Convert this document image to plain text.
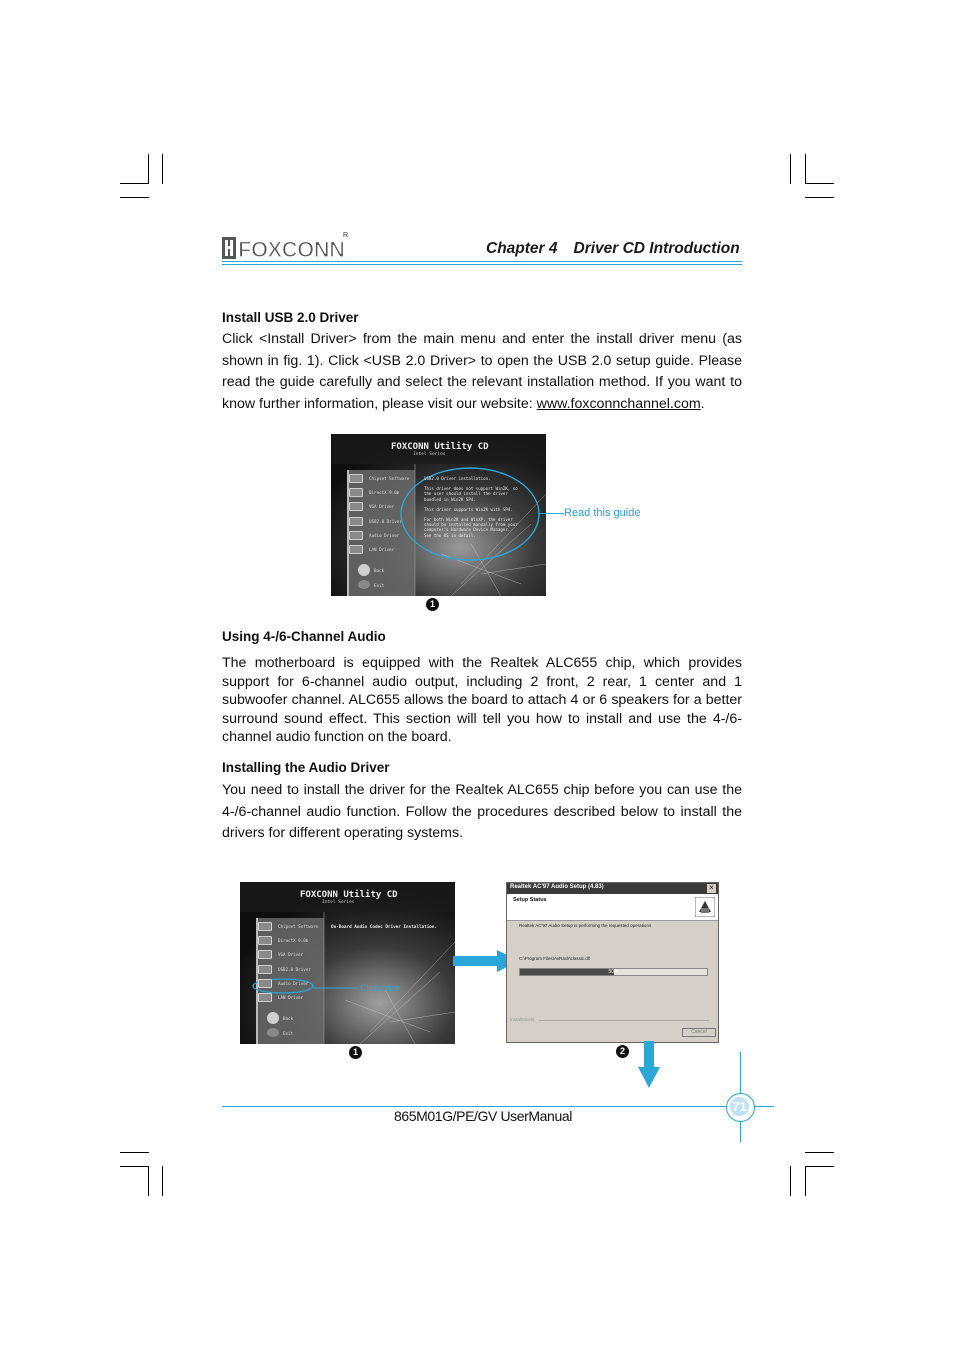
FOXCONN
R
Chapter 4 Driver CD Introduction
Install USB 2.0 Driver
Click <Install Driver> from the main menu and enter the install driver menu (as shown in fig. 1). Click <USB 2.0 Driver> to open the USB 2.0 setup guide. Please read the guide carefully and select the relevant installation method. If you want to know further information, please visit our website: www.foxconnchannel.com.
FOXCONN Utility CD
Intel Series
Chipset Software
DirectX 9.0b
VGA Driver
USB2.0 Driver
Audio Driver
LAN Driver
Back
Exit
USB2.0 Driver installation.
This driver does not support Win2K, so
the user should install the driver
bundled in Win2K SP4.
This driver supports Win2K with SP4.
For both Win2K and WinXP, the driver
should be installed manually from your
computer's Hardware Device Manager.
See the OS in detail.
Read this guide
1
Using 4-/6-Channel Audio
The motherboard is equipped with the Realtek ALC655 chip, which provides support for 6-channel audio output, including 2 front, 2 rear, 1 center and 1 subwoofer channel. ALC655 allows the board to attach 4 or 6 speakers for a better surround sound effect. This section will tell you how to install and use the 4-/6-channel audio function on the board.
Installing the Audio Driver
You need to install the driver for the Realtek ALC655 chip before you can use the 4-/6-channel audio function. Follow the procedures described below to install the drivers for different operating systems.
FOXCONN Utility CD
Intel Series
Chipset Software
DirectX 9.0b
VGA Driver
USB2.0 Driver
Audio Driver
LAN Driver
Back
Exit
On-Board Audio Codec Driver Installation.
Click here
Realtek AC'97 Audio Setup (4.83)	×
Setup Status
Realtek AC'97 Audio Setup is performing the requested operations.
C:\Program Files\AvRack\classic.dll
50%
InstallShield
Cancel
1	2
71
865M01G/PE/GV UserManual
